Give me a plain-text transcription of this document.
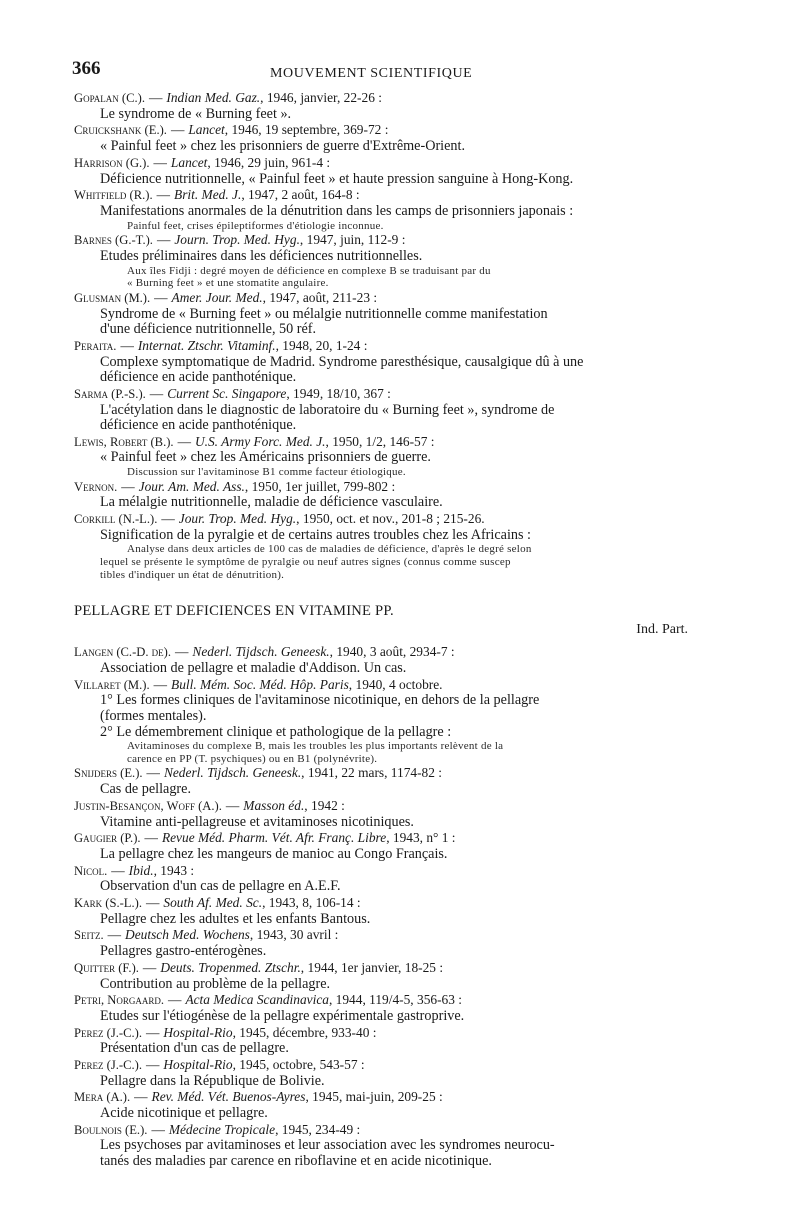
366	MOUVEMENT SCIENTIFIQUE
Gopalan (C.). — Indian Med. Gaz., 1946, janvier, 22-26 :
Le syndrome de « Burning feet ».
Cruickshank (E.). — Lancet, 1946, 19 septembre, 369-72 :
« Painful feet » chez les prisonniers de guerre d'Extrême-Orient.
Harrison (G.). — Lancet, 1946, 29 juin, 961-4 :
Déficience nutritionnelle, « Painful feet » et haute pression sanguine à Hong-Kong.
Whitfield (R.). — Brit. Med. J., 1947, 2 août, 164-8 :
Manifestations anormales de la dénutrition dans les camps de prisonniers japonais :
Painful feet, crises épileptiformes d'étiologie inconnue.
Barnes (G.-T.). — Journ. Trop. Med. Hyg., 1947, juin, 112-9 :
Etudes préliminaires dans les déficiences nutritionnelles.
Aux îles Fidji : degré moyen de déficience en complexe B se traduisant par du
« Burning feet » et une stomatite angulaire.
Glusman (M.). — Amer. Jour. Med., 1947, août, 211-23 :
Syndrome de « Burning feet » ou mélalgie nutritionnelle comme manifestation
d'une déficience nutritionnelle, 50 réf.
Peraita. — Internat. Ztschr. Vitaminf., 1948, 20, 1-24 :
Complexe symptomatique de Madrid. Syndrome paresthésique, causalgique dû à une
déficience en acide panthoténique.
Sarma (P.-S.). — Current Sc. Singapore, 1949, 18/10, 367 :
L'acétylation dans le diagnostic de laboratoire du « Burning feet », syndrome de
déficience en acide panthoténique.
Lewis, Robert (B.). — U.S. Army Forc. Med. J., 1950, 1/2, 146-57 :
« Painful feet » chez les Américains prisonniers de guerre.
Discussion sur l'avitaminose B1 comme facteur étiologique.
Vernon. — Jour. Am. Med. Ass., 1950, 1er juillet, 799-802 :
La mélalgie nutritionnelle, maladie de déficience vasculaire.
Corkill (N.-L.). — Jour. Trop. Med. Hyg., 1950, oct. et nov., 201-8 ; 215-26.
Signification de la pyralgie et de certains autres troubles chez les Africains :
Analyse dans deux articles de 100 cas de maladies de déficience, d'après le degré selon
lequel se présente le symptôme de pyralgie ou neuf autres signes (connus comme suscep
tibles d'indiquer un état de dénutrition).
PELLAGRE ET DEFICIENCES EN VITAMINE PP.
Ind. Part.
Langen (C.-D. de). — Nederl. Tijdsch. Geneesk., 1940, 3 août, 2934-7 :
Association de pellagre et maladie d'Addison. Un cas.
Villaret (M.). — Bull. Mém. Soc. Méd. Hôp. Paris, 1940, 4 octobre.
1° Les formes cliniques de l'avitaminose nicotinique, en dehors de la pellagre
(formes mentales).
2° Le démembrement clinique et pathologique de la pellagre :
Avitaminoses du complexe B, mais les troubles les plus importants relèvent de la
carence en PP (T. psychiques) ou en B1 (polynévrite).
Snijders (E.). — Nederl. Tijdsch. Geneesk., 1941, 22 mars, 1174-82 :
Cas de pellagre.
Justin-Besançon, Woff (A.). — Masson éd., 1942 :
Vitamine anti-pellagreuse et avitaminoses nicotiniques.
Gaugier (P.). — Revue Méd. Pharm. Vét. Afr. Franç. Libre, 1943, n° 1 :
La pellagre chez les mangeurs de manioc au Congo Français.
Nicol. — Ibid., 1943 :
Observation d'un cas de pellagre en A.E.F.
Kark (S.-L.). — South Af. Med. Sc., 1943, 8, 106-14 :
Pellagre chez les adultes et les enfants Bantous.
Seitz. — Deutsch Med. Wochens, 1943, 30 avril :
Pellagres gastro-entérogènes.
Quitter (F.). — Deuts. Tropenmed. Ztschr., 1944, 1er janvier, 18-25 :
Contribution au problème de la pellagre.
Petri, Norgaard. — Acta Medica Scandinavica, 1944, 119/4-5, 356-63 :
Etudes sur l'étiogénèse de la pellagre expérimentale gastroprive.
Perez (J.-C.). — Hospital-Rio, 1945, décembre, 933-40 :
Présentation d'un cas de pellagre.
Perez (J.-C.). — Hospital-Rio, 1945, octobre, 543-57 :
Pellagre dans la République de Bolivie.
Mera (A.). — Rev. Méd. Vét. Buenos-Ayres, 1945, mai-juin, 209-25 :
Acide nicotinique et pellagre.
Boulnois (E.). — Médecine Tropicale, 1945, 234-49 :
Les psychoses par avitaminoses et leur association avec les syndromes neurocu-
tanés des maladies par carence en riboflavine et en acide nicotinique.
